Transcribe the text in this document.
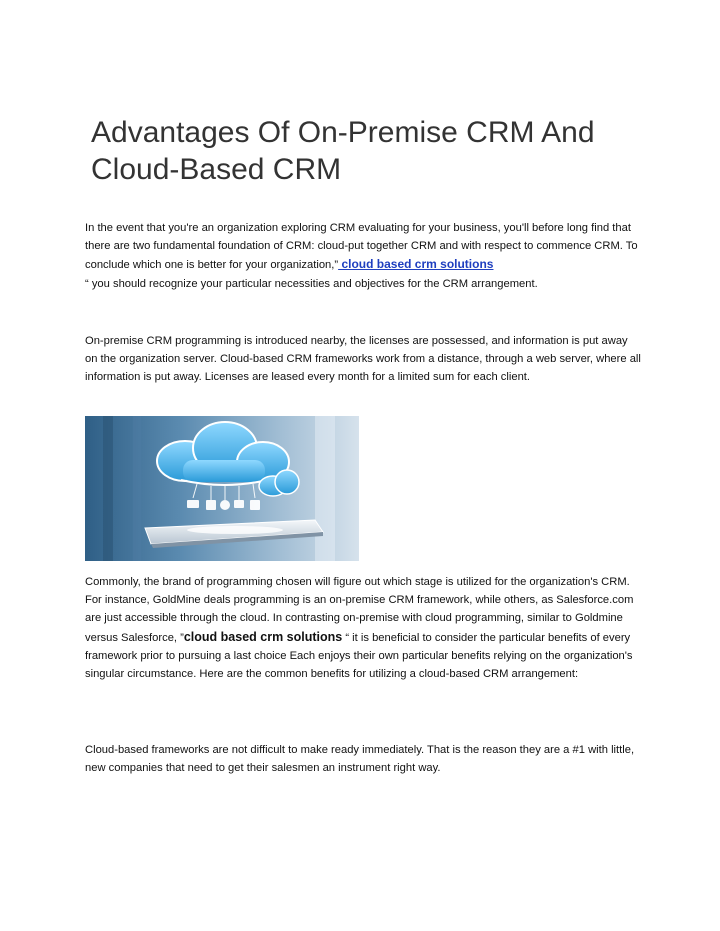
Advantages Of On-Premise CRM And Cloud-Based CRM

In the event that you're an organization exploring CRM evaluating for your business, you'll before long find that there are two fundamental foundation of CRM: cloud-put together CRM and with respect to commence CRM. To conclude which one is better for your organization,” cloud based crm solutions
“ you should recognize your particular necessities and objectives for the CRM arrangement.

On-premise CRM programming is introduced nearby, the licenses are possessed, and information is put away on the organization server. Cloud-based CRM frameworks work from a distance, through a web server, where all information is put away. Licenses are leased every month for a limited sum for each client.

Commonly, the brand of programming chosen will figure out which stage is utilized for the organization's CRM. For instance, GoldMine deals programming is an on-premise CRM framework, while others, as Salesforce.com are just accessible through the cloud. In contrasting on-premise with cloud programming, similar to Goldmine versus Salesforce, ”cloud based crm solutions “ it is beneficial to consider the particular benefits of every framework prior to pursuing a last choice Each enjoys their own particular benefits relying on the organization's singular circumstance. Here are the common benefits for utilizing a cloud-based CRM arrangement:

Cloud-based frameworks are not difficult to make ready immediately. That is the reason they are a #1 with little, new companies that need to get their salesmen an instrument right way.
